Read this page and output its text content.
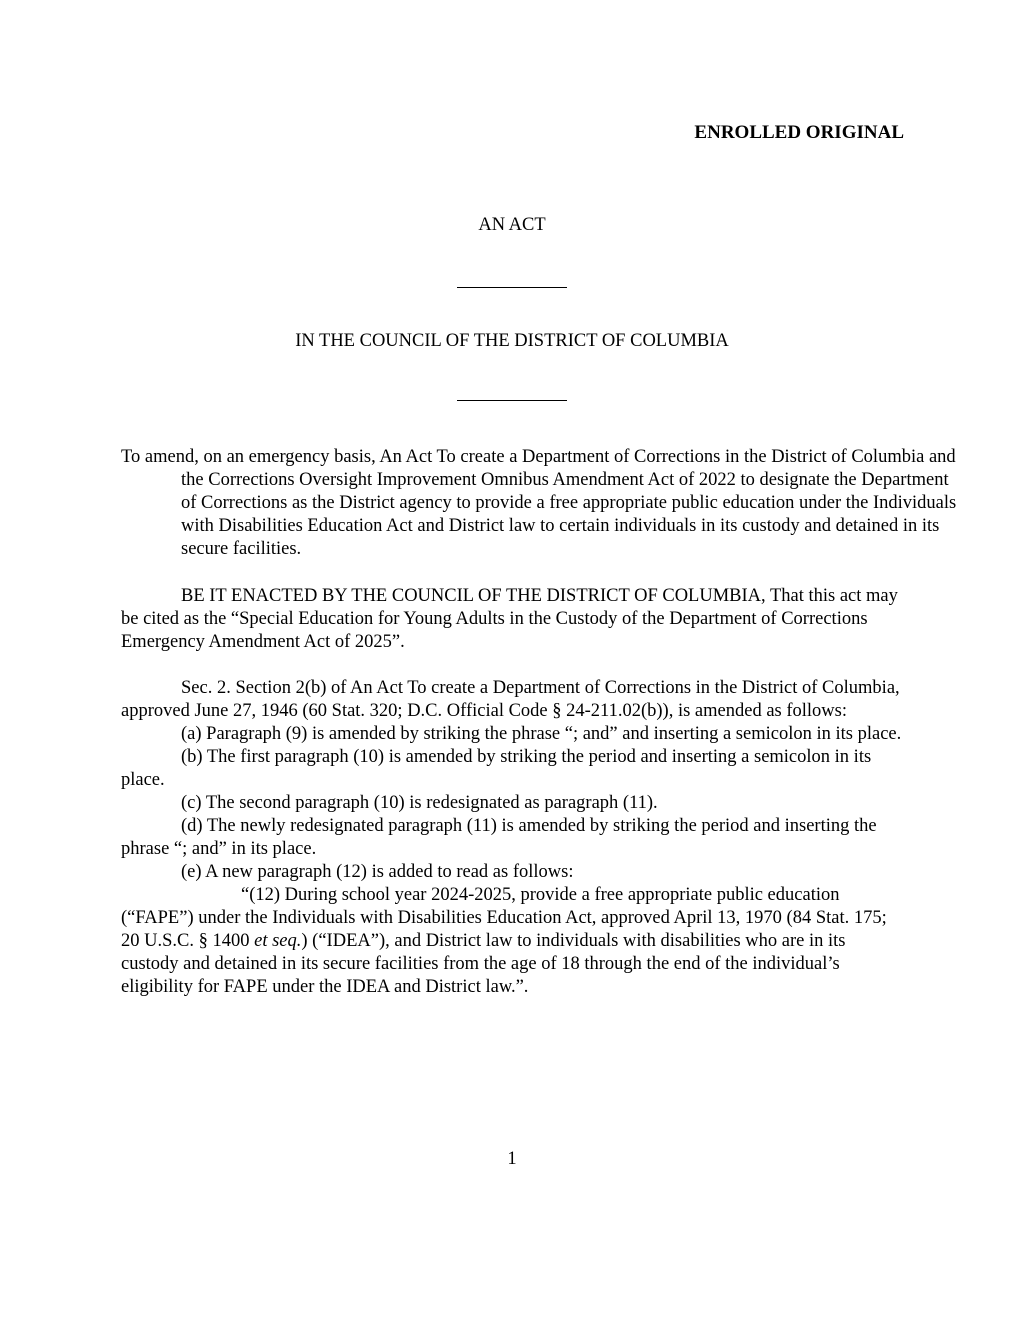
ENROLLED ORIGINAL

AN ACT

IN THE COUNCIL OF THE DISTRICT OF COLUMBIA

To amend, on an emergency basis, An Act To create a Department of Corrections in the District of Columbia and the Corrections Oversight Improvement Omnibus Amendment Act of 2022 to designate the Department of Corrections as the District agency to provide a free appropriate public education under the Individuals with Disabilities Education Act and District law to certain individuals in its custody and detained in its secure facilities.

BE IT ENACTED BY THE COUNCIL OF THE DISTRICT OF COLUMBIA, That this act may be cited as the “Special Education for Young Adults in the Custody of the Department of Corrections Emergency Amendment Act of 2025”.

Sec. 2. Section 2(b) of An Act To create a Department of Corrections in the District of Columbia, approved June 27, 1946 (60 Stat. 320; D.C. Official Code § 24-211.02(b)), is amended as follows:
(a) Paragraph (9) is amended by striking the phrase “; and” and inserting a semicolon in its place.
(b) The first paragraph (10) is amended by striking the period and inserting a semicolon in its place.
(c) The second paragraph (10) is redesignated as paragraph (11).
(d) The newly redesignated paragraph (11) is amended by striking the period and inserting the phrase “; and” in its place.
(e) A new paragraph (12) is added to read as follows:
“(12) During school year 2024-2025, provide a free appropriate public education (“FAPE”) under the Individuals with Disabilities Education Act, approved April 13, 1970 (84 Stat. 175; 20 U.S.C. § 1400 et seq.) (“IDEA”), and District law to individuals with disabilities who are in its custody and detained in its secure facilities from the age of 18 through the end of the individual’s eligibility for FAPE under the IDEA and District law.”.

1
